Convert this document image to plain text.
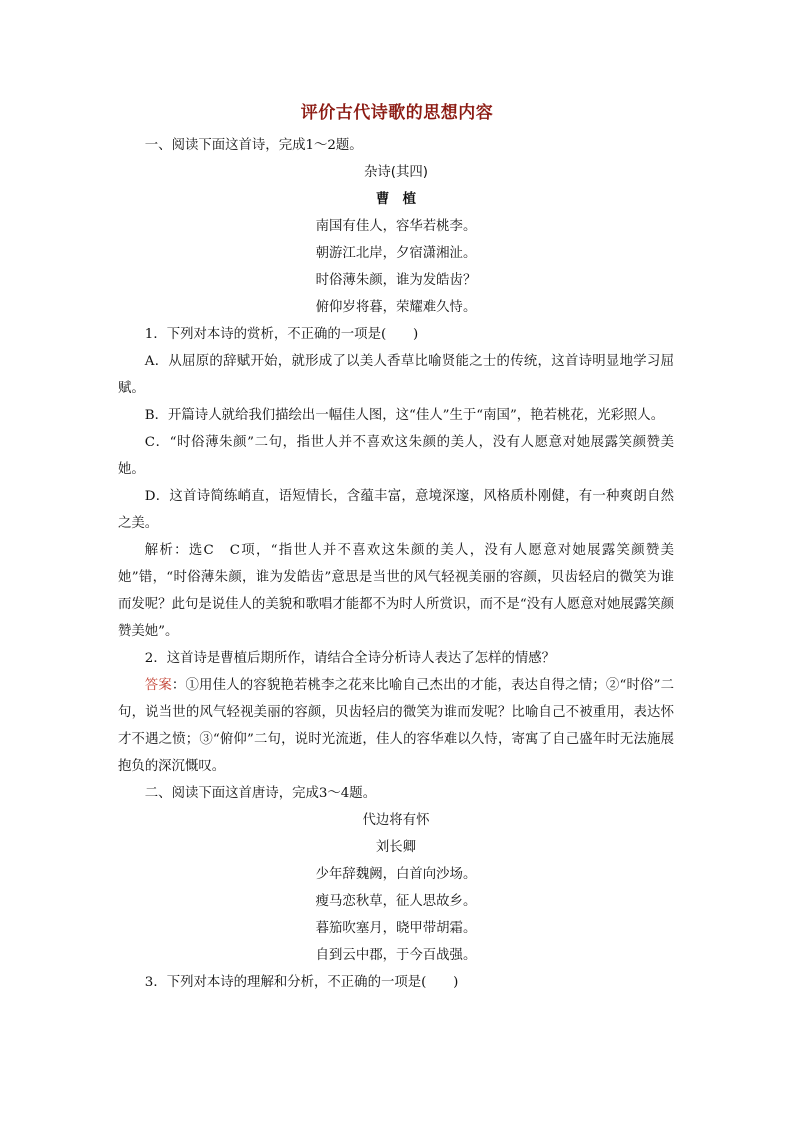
评价古代诗歌的思想内容

一、阅读下面这首诗，完成1～2题。

杂诗(其四)

曹植

南国有佳人，容华若桃李。

朝游江北岸，夕宿潇湘沚。

时俗薄朱颜，谁为发皓齿？

俯仰岁将暮，荣耀难久恃。

1．下列对本诗的赏析，不正确的一项是(　　)

A．从屈原的辞赋开始，就形成了以美人香草比喻贤能之士的传统，这首诗明显地学习屈赋。

B．开篇诗人就给我们描绘出一幅佳人图，这“佳人”生于“南国”，艳若桃花，光彩照人。

C．“时俗薄朱颜”二句，指世人并不喜欢这朱颜的美人，没有人愿意对她展露笑颜赞美她。

D．这首诗简练峭直，语短情长，含蕴丰富，意境深邃，风格质朴刚健，有一种爽朗自然之美。

解析：选C　C项，“指世人并不喜欢这朱颜的美人，没有人愿意对她展露笑颜赞美她”错，“时俗薄朱颜，谁为发皓齿”意思是当世的风气轻视美丽的容颜，贝齿轻启的微笑为谁而发呢？此句是说佳人的美貌和歌唱才能都不为时人所赏识，而不是“没有人愿意对她展露笑颜赞美她”。

2．这首诗是曹植后期所作，请结合全诗分析诗人表达了怎样的情感？

答案：①用佳人的容貌艳若桃李之花来比喻自己杰出的才能，表达自得之情；②“时俗”二句，说当世的风气轻视美丽的容颜，贝齿轻启的微笑为谁而发呢？比喻自己不被重用，表达怀才不遇之愤；③“俯仰”二句，说时光流逝，佳人的容华难以久恃，寄寓了自己盛年时无法施展抱负的深沉慨叹。

二、阅读下面这首唐诗，完成3～4题。

代边将有怀

刘长卿

少年辞魏阙，白首向沙场。

瘦马恋秋草，征人思故乡。

暮笳吹塞月，晓甲带胡霜。

自到云中郡，于今百战强。

3．下列对本诗的理解和分析，不正确的一项是(　　)
